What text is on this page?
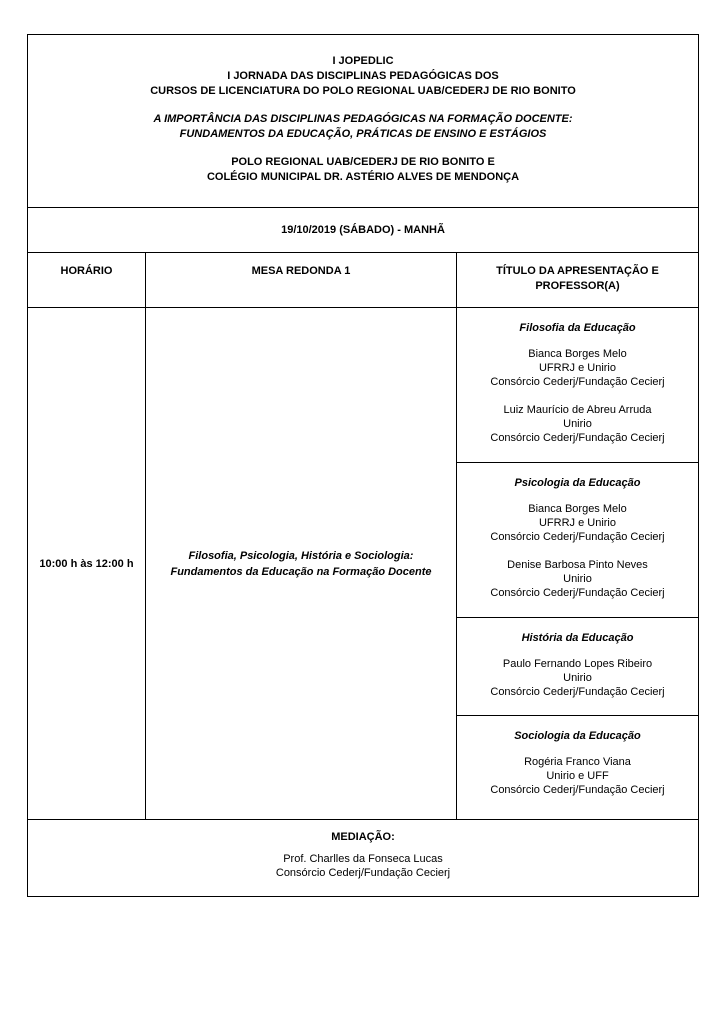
I JOPEDLIC
I JORNADA DAS DISCIPLINAS PEDAGÓGICAS DOS
CURSOS DE LICENCIATURA DO POLO REGIONAL UAB/CEDERJ DE RIO BONITO
A IMPORTÂNCIA DAS DISCIPLINAS PEDAGÓGICAS NA FORMAÇÃO DOCENTE:
FUNDAMENTOS DA EDUCAÇÃO, PRÁTICAS DE ENSINO E ESTÁGIOS
POLO REGIONAL UAB/CEDERJ DE RIO BONITO E
COLÉGIO MUNICIPAL DR. ASTÉRIO ALVES DE MENDONÇA
19/10/2019 (SÁBADO) - MANHÃ
HORÁRIO	MESA REDONDA 1	TÍTULO DA APRESENTAÇÃO E
PROFESSOR(A)
10:00 h às 12:00 h
Filosofia, Psicologia, História e Sociologia:
Fundamentos da Educação na Formação Docente
Filosofia da Educação
Bianca Borges Melo
UFRRJ e Unirio
Consórcio Cederj/Fundação Cecierj
Luiz Maurício de Abreu Arruda
Unirio
Consórcio Cederj/Fundação Cecierj
Psicologia da Educação
Bianca Borges Melo
UFRRJ e Unirio
Consórcio Cederj/Fundação Cecierj
Denise Barbosa Pinto Neves
Unirio
Consórcio Cederj/Fundação Cecierj
História da Educação
Paulo Fernando Lopes Ribeiro
Unirio
Consórcio Cederj/Fundação Cecierj
Sociologia da Educação
Rogéria Franco Viana
Unirio e UFF
Consórcio Cederj/Fundação Cecierj
MEDIAÇÃO:
Prof. Charlles da Fonseca Lucas
Consórcio Cederj/Fundação Cecierj
